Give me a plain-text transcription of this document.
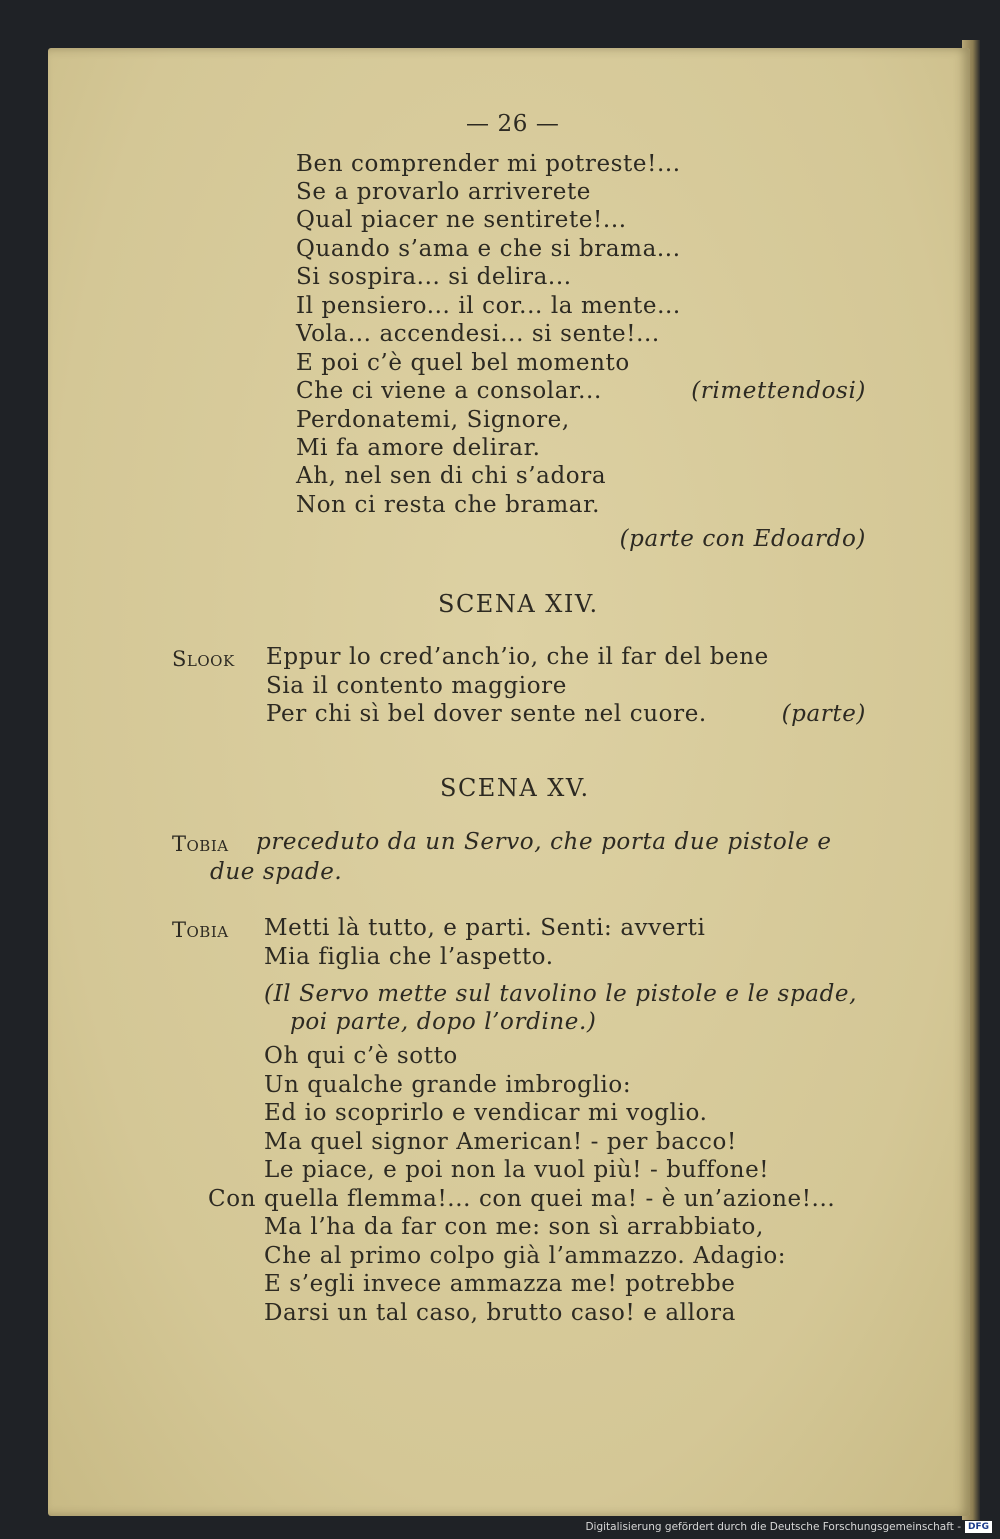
— 26 —
Ben comprender mi potreste!...
Se a provarlo arriverete
Qual piacer ne sentirete!...
Quando s’ama e che si brama...
Si sospira... si delira...
Il pensiero... il cor... la mente...
Vola... accendesi... si sente!...
E poi c’è quel bel momento
Che ci viene a consolar...	(rimettendosi)
Perdonatemi, Signore,
Mi fa amore delirar.
Ah, nel sen di chi s’adora
Non ci resta che bramar.
(parte con Edoardo)
SCENA XIV.
Slook Eppur lo cred’anch’io, che il far del bene
Sia il contento maggiore
Per chi sì bel dover sente nel cuore.	(parte)
SCENA XV.
Tobia preceduto da un Servo, che porta due pistole e
due spade.
Tobia Metti là tutto, e parti. Senti: avverti
Mia figlia che l’aspetto.
(Il Servo mette sul tavolino le pistole e le spade,
poi parte, dopo l’ordine.)
Oh qui c’è sotto
Un qualche grande imbroglio:
Ed io scoprirlo e vendicar mi voglio.
Ma quel signor American! - per bacco!
Le piace, e poi non la vuol più! - buffone!
Con quella flemma!... con quei ma! - è un’azione!...
Ma l’ha da far con me: son sì arrabbiato,
Che al primo colpo già l’ammazzo. Adagio:
E s’egli invece ammazza me! potrebbe
Darsi un tal caso, brutto caso! e allora
Digitalisierung gefördert durch die Deutsche Forschungsgemeinschaft - DFG
